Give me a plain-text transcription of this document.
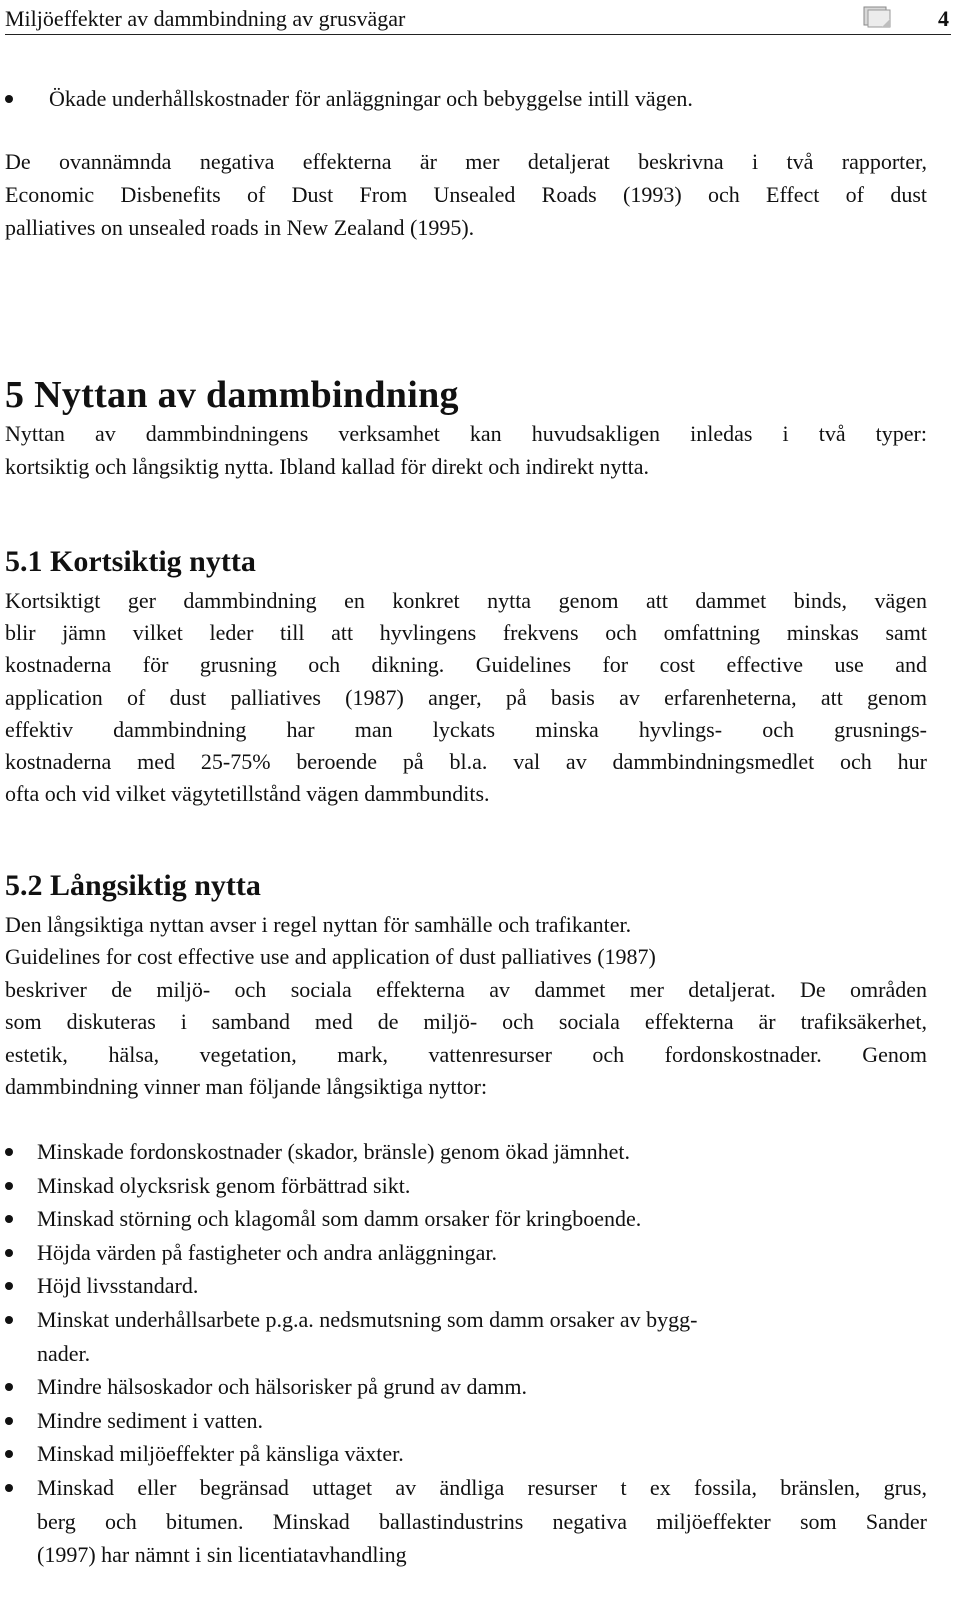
Miljöeffekter av dammbindning av grusvägar	4
Ökade underhållskostnader för anläggningar och bebyggelse intill vägen.
De ovannämnda negativa effekterna är mer detaljerat beskrivna i två rapporter,
Economic Disbenefits of Dust From Unsealed Roads (1993) och Effect of dust
palliatives on unsealed roads in New Zealand (1995).
5 Nyttan av dammbindning
Nyttan av dammbindningens verksamhet kan huvudsakligen inledas i två typer:
kortsiktig och långsiktig nytta. Ibland kallad för direkt och indirekt nytta.
5.1 Kortsiktig nytta
Kortsiktigt ger dammbindning en konkret nytta genom att dammet binds, vägen
blir jämn vilket leder till att hyvlingens frekvens och omfattning minskas samt
kostnaderna för grusning och dikning. Guidelines for cost effective use and
application of dust palliatives (1987) anger, på basis av erfarenheterna, att genom
effektiv dammbindning har man lyckats minska hyvlings- och grusnings-
kostnaderna med 25-75% beroende på bl.a. val av dammbindningsmedlet och hur
ofta och vid vilket vägytetillstånd vägen dammbundits.
5.2 Långsiktig nytta
Den långsiktiga nyttan avser i regel nyttan för samhälle och trafikanter.
Guidelines for cost effective use and application of dust palliatives (1987)
beskriver de miljö- och sociala effekterna av dammet mer detaljerat. De områden
som diskuteras i samband med de miljö- och sociala effekterna är trafiksäkerhet,
estetik, hälsa, vegetation, mark, vattenresurser och fordonskostnader. Genom
dammbindning vinner man följande långsiktiga nyttor:
Minskade fordonskostnader (skador, bränsle) genom ökad jämnhet.
Minskad olycksrisk genom förbättrad sikt.
Minskad störning och klagomål som damm orsaker för kringboende.
Höjda värden på fastigheter och andra anläggningar.
Höjd livsstandard.
Minskat underhållsarbete p.g.a. nedsmutsning som damm orsaker av bygg-
nader.
Mindre hälsoskador och hälsorisker på grund av damm.
Mindre sediment i vatten.
Minskad miljöeffekter på känsliga växter.
Minskad eller begränsad uttaget av ändliga resurser t ex fossila, bränslen, grus,
berg och bitumen. Minskad ballastindustrins negativa miljöeffekter som Sander
(1997) har nämnt i sin licentiatavhandling
